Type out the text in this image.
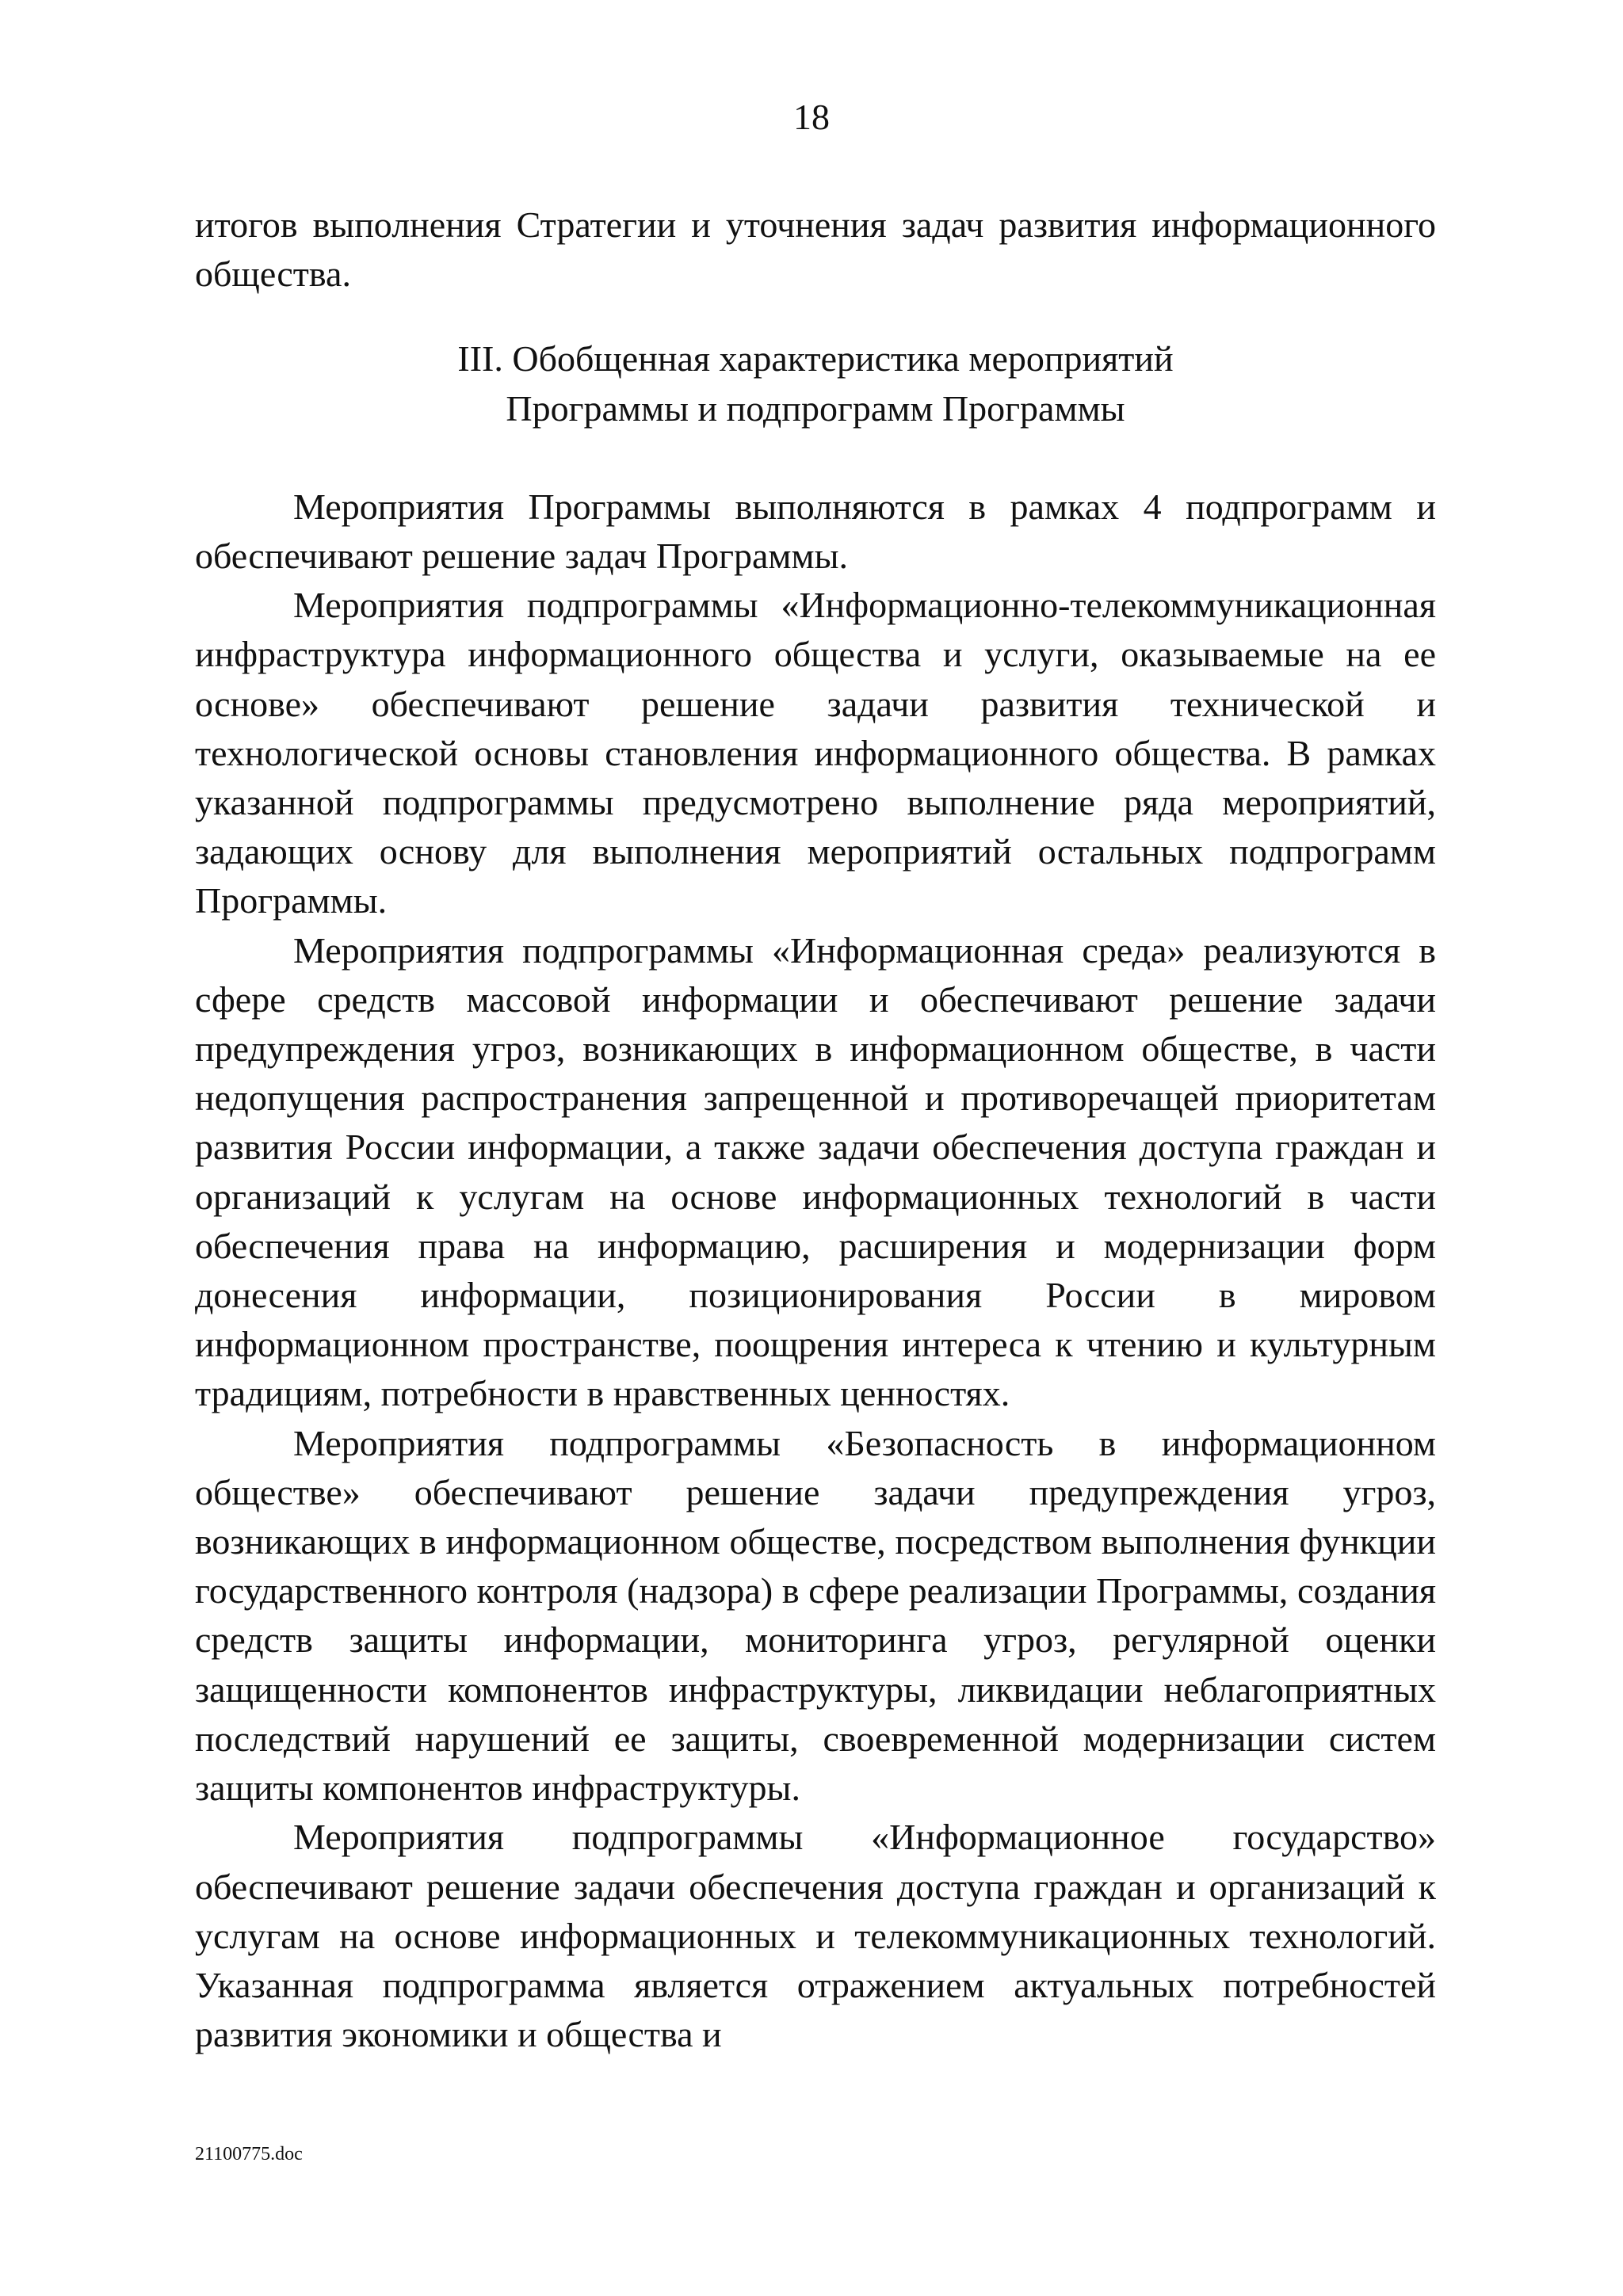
18

итогов выполнения Стратегии и уточнения задач развития информационного общества.

III. Обобщенная характеристика мероприятий
Программы и подпрограмм Программы

Мероприятия Программы выполняются в рамках 4 подпрограмм и обеспечивают решение задач Программы.

Мероприятия подпрограммы «Информационно-телекоммуникационная инфраструктура информационного общества и услуги, оказываемые на ее основе» обеспечивают решение задачи развития технической и технологической основы становления информационного общества. В рамках указанной подпрограммы предусмотрено выполнение ряда мероприятий, задающих основу для выполнения мероприятий остальных подпрограмм Программы.

Мероприятия подпрограммы «Информационная среда» реализуются в сфере средств массовой информации и обеспечивают решение задачи предупреждения угроз, возникающих в информационном обществе, в части недопущения распространения запрещенной и противоречащей приоритетам развития России информации, а также задачи обеспечения доступа граждан и организаций к услугам на основе информационных технологий в части обеспечения права на информацию, расширения и модернизации форм донесения информации, позиционирования России в мировом информационном пространстве, поощрения интереса к чтению и культурным традициям, потребности в нравственных ценностях.

Мероприятия подпрограммы «Безопасность в информационном обществе» обеспечивают решение задачи предупреждения угроз, возникающих в информационном обществе, посредством выполнения функции государственного контроля (надзора) в сфере реализации Программы, создания средств защиты информации, мониторинга угроз, регулярной оценки защищенности компонентов инфраструктуры, ликвидации неблагоприятных последствий нарушений ее защиты, своевременной модернизации систем защиты компонентов инфраструктуры.

Мероприятия подпрограммы «Информационное государство» обеспечивают решение задачи обеспечения доступа граждан и организаций к услугам на основе информационных и телекоммуникационных технологий. Указанная подпрограмма является отражением актуальных потребностей развития экономики и общества и

21100775.doc
